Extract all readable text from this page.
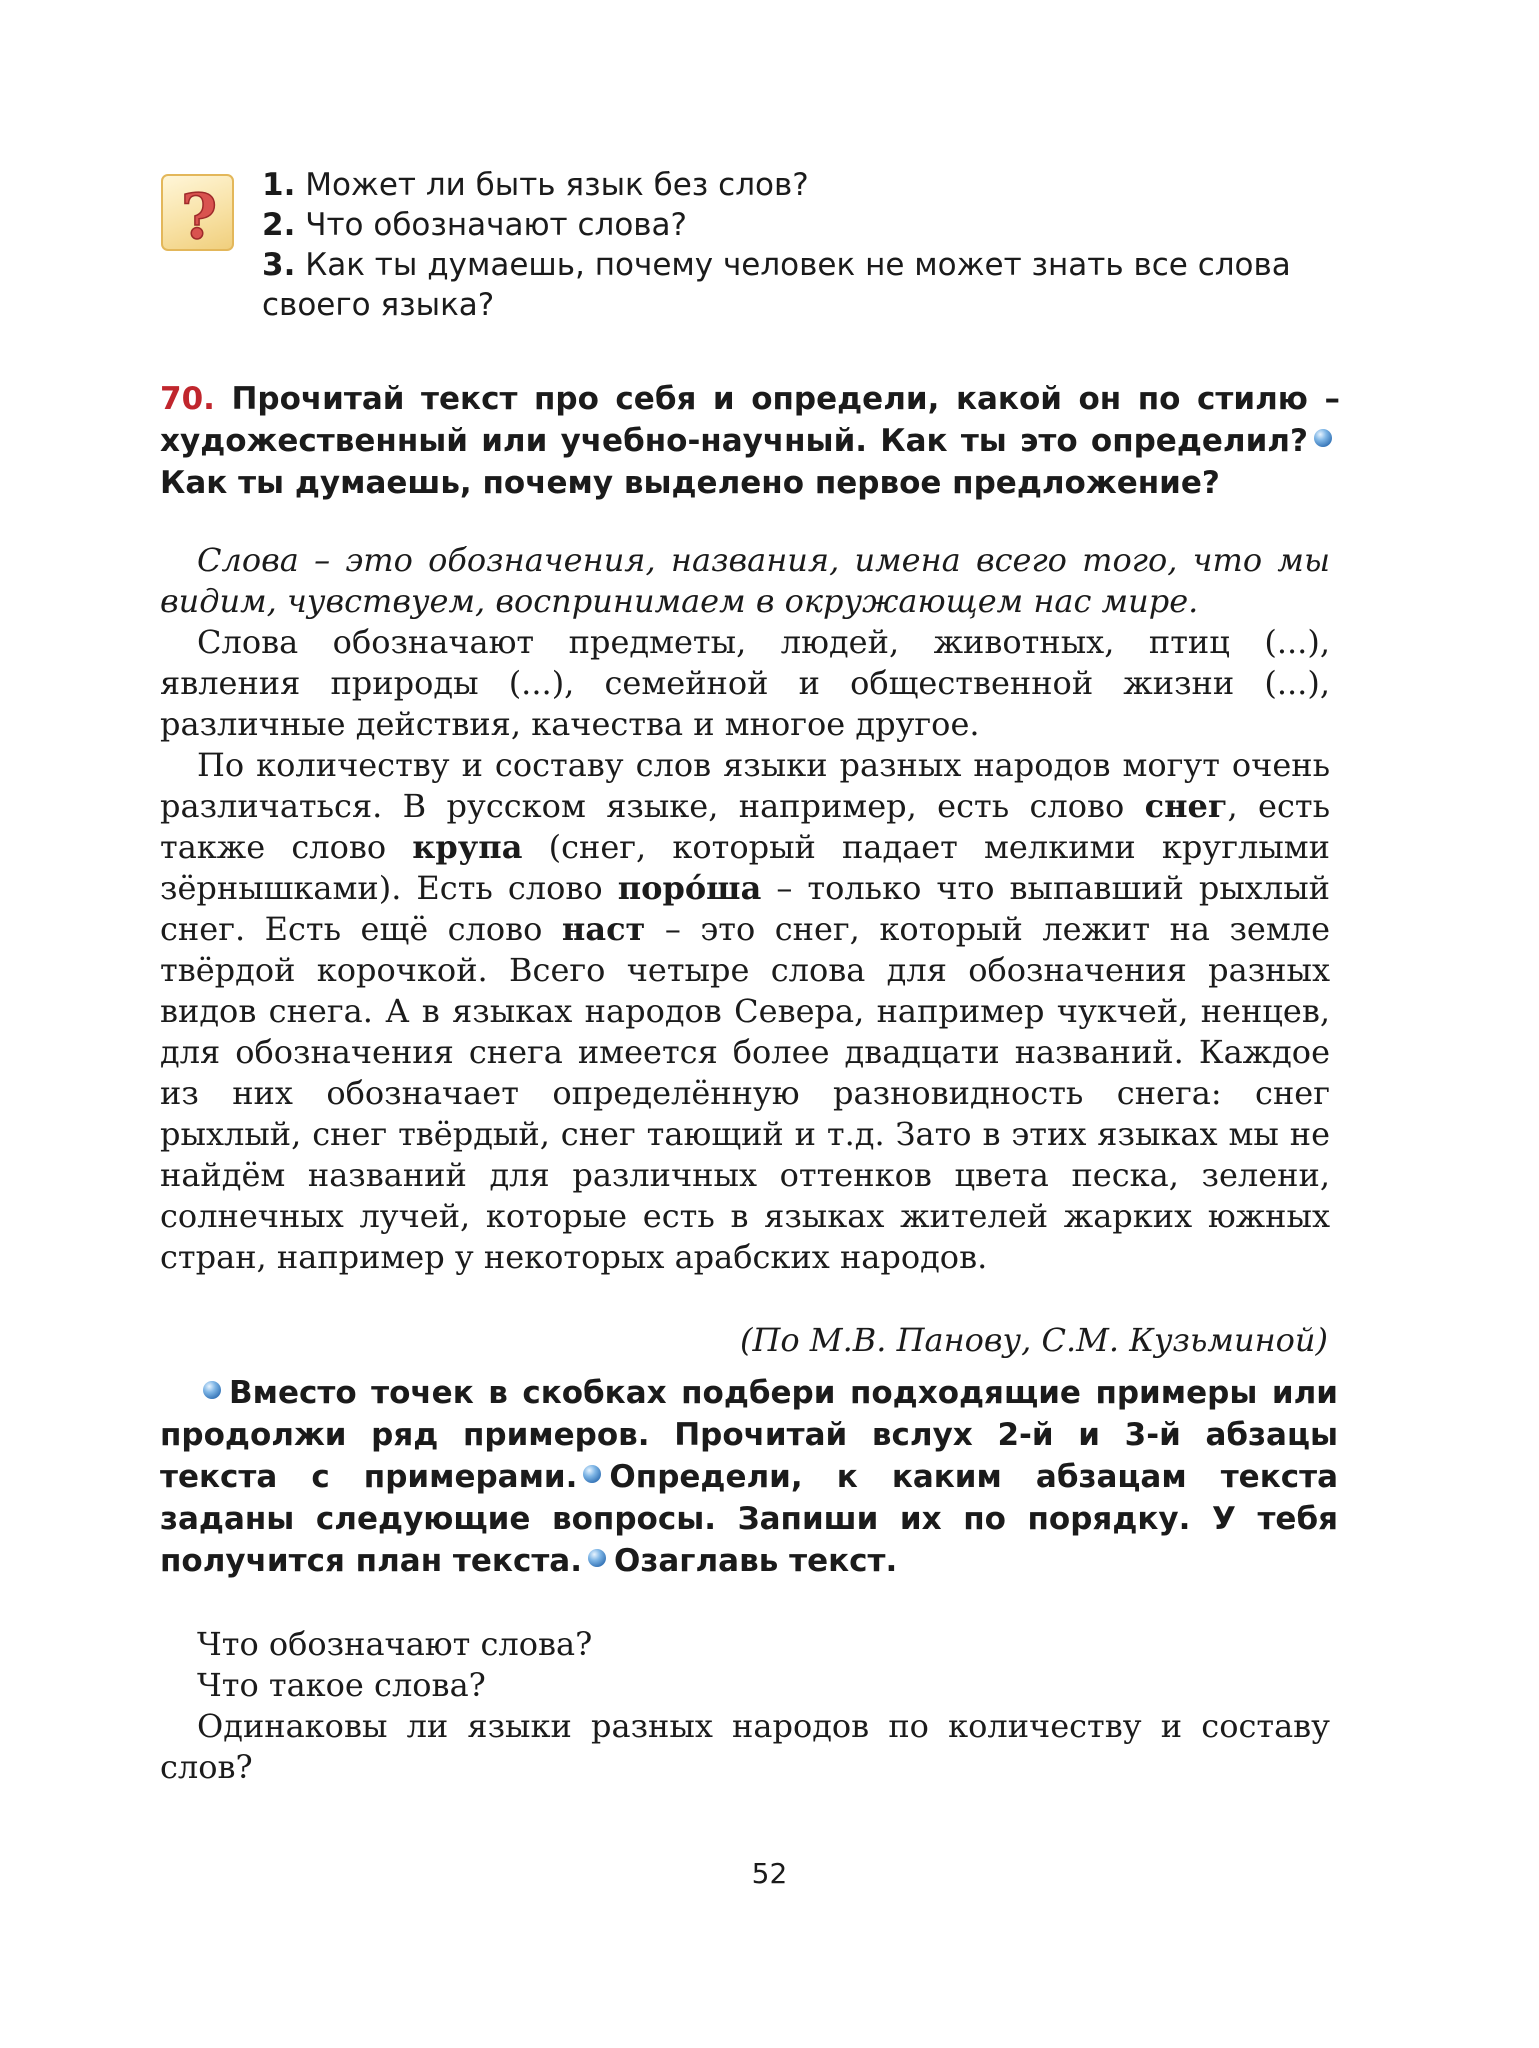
? 1. Может ли быть язык без слов?
2. Что обозначают слова?
3. Как ты думаешь, почему человек не может знать все слова своего языка?
70. Прочитай текст про себя и определи, какой он по стилю – художественный или учебно-научный. Как ты это определил?Как ты думаешь, почему выделено первое предложение?

Слова – это обозначения, названия, имена всего того, что мы видим, чувствуем, воспринимаем в окружающем нас мире.

Слова обозначают предметы, людей, животных, птиц (...), явления природы (...), семейной и общественной жизни (...), различные действия, качества и многое другое.

По количеству и составу слов языки разных народов могут очень различаться. В русском языке, например, есть слово снег, есть также слово крупа (снег, который падает мелкими круглыми зёрнышками). Есть слово поро́ша – только что выпавший рыхлый снег. Есть ещё слово наст – это снег, который лежит на земле твёрдой корочкой. Всего четыре слова для обозначения разных видов снега. А в языках народов Севера, например чукчей, ненцев, для обозначения снега имеется более двадцати названий. Каждое из них обозначает определённую разновидность снега: снег рыхлый, снег твёрдый, снег тающий и т.д. Зато в этих языках мы не найдём названий для различных оттенков цвета песка, зелени, солнечных лучей, которые есть в языках жителей жарких южных стран, например у некоторых арабских народов.

(По М.В. Панову, С.М. Кузьминой)
Вместо точек в скобках подбери подходящие примеры или продолжи ряд примеров. Прочитай вслух 2-й и 3-й абзацы текста с примерами. Определи, к каким абзацам текста заданы следующие вопросы. Запиши их по порядку. У тебя получится план текста. Озаглавь текст.

Что обозначают слова?

Что такое слова?

Одинаковы ли языки разных народов по количеству и составу слов?

52
